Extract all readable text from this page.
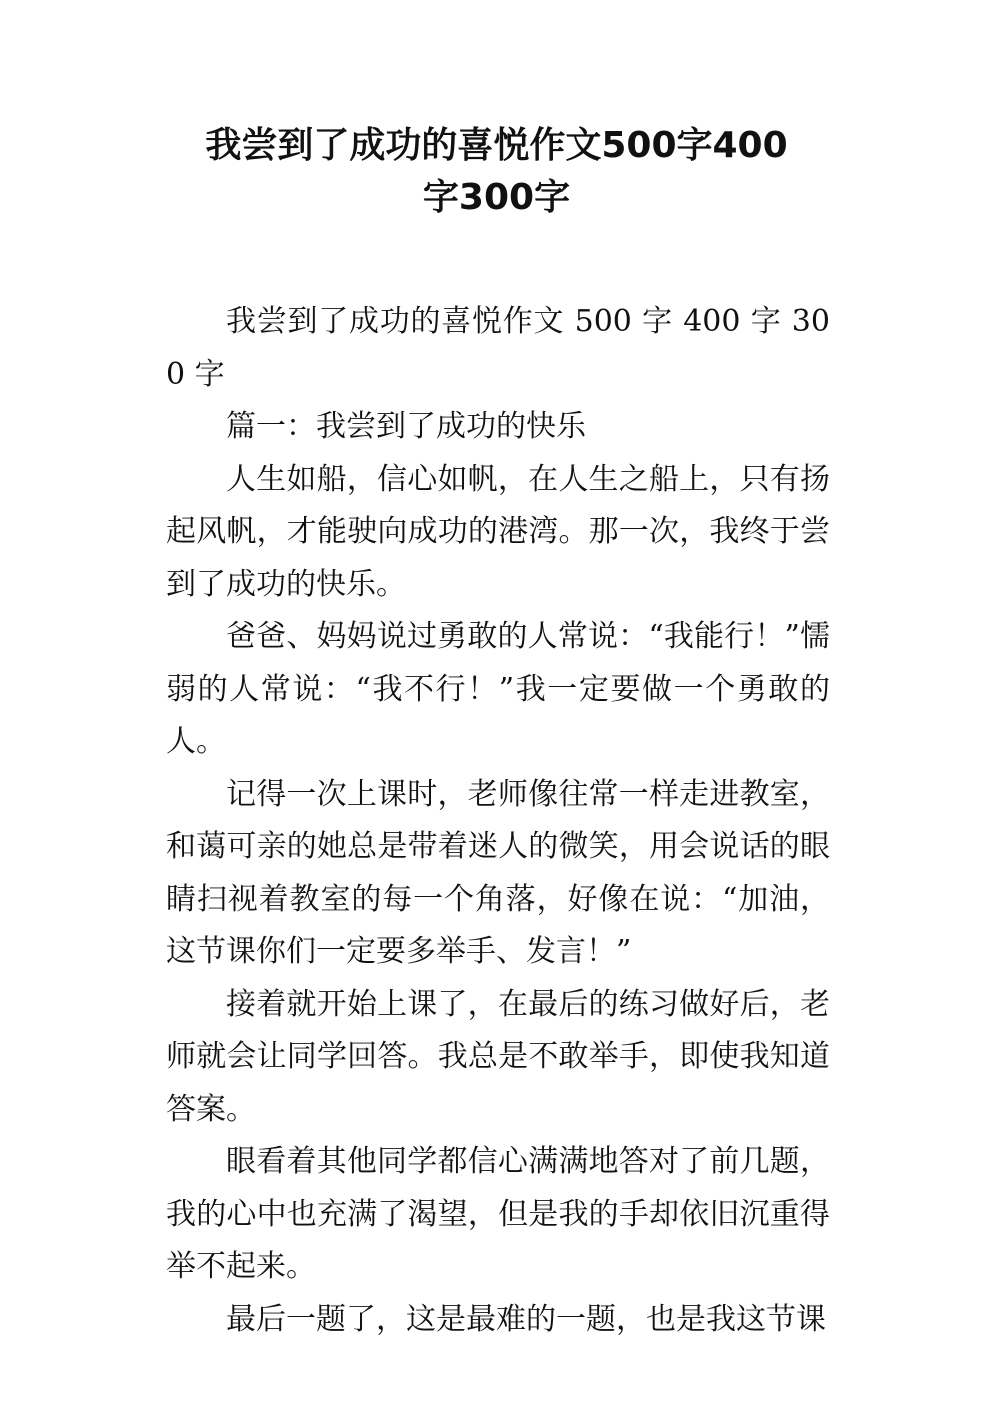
我尝到了成功的喜悦作文500字400
字300字

我尝到了成功的喜悦作文 500 字 400 字 300 字

篇一：我尝到了成功的快乐

人生如船，信心如帆，在人生之船上，只有扬起风帆，才能驶向成功的港湾。那一次，我终于尝到了成功的快乐。

爸爸、妈妈说过勇敢的人常说：“我能行！”懦弱的人常说：“我不行！”我一定要做一个勇敢的人。

记得一次上课时，老师像往常一样走进教室，和蔼可亲的她总是带着迷人的微笑，用会说话的眼睛扫视着教室的每一个角落，好像在说：“加油，这节课你们一定要多举手、发言！”

接着就开始上课了，在最后的练习做好后，老师就会让同学回答。我总是不敢举手，即使我知道答案。

眼看着其他同学都信心满满地答对了前几题，我的心中也充满了渴望，但是我的手却依旧沉重得举不起来。

最后一题了，这是最难的一题，也是我这节课
